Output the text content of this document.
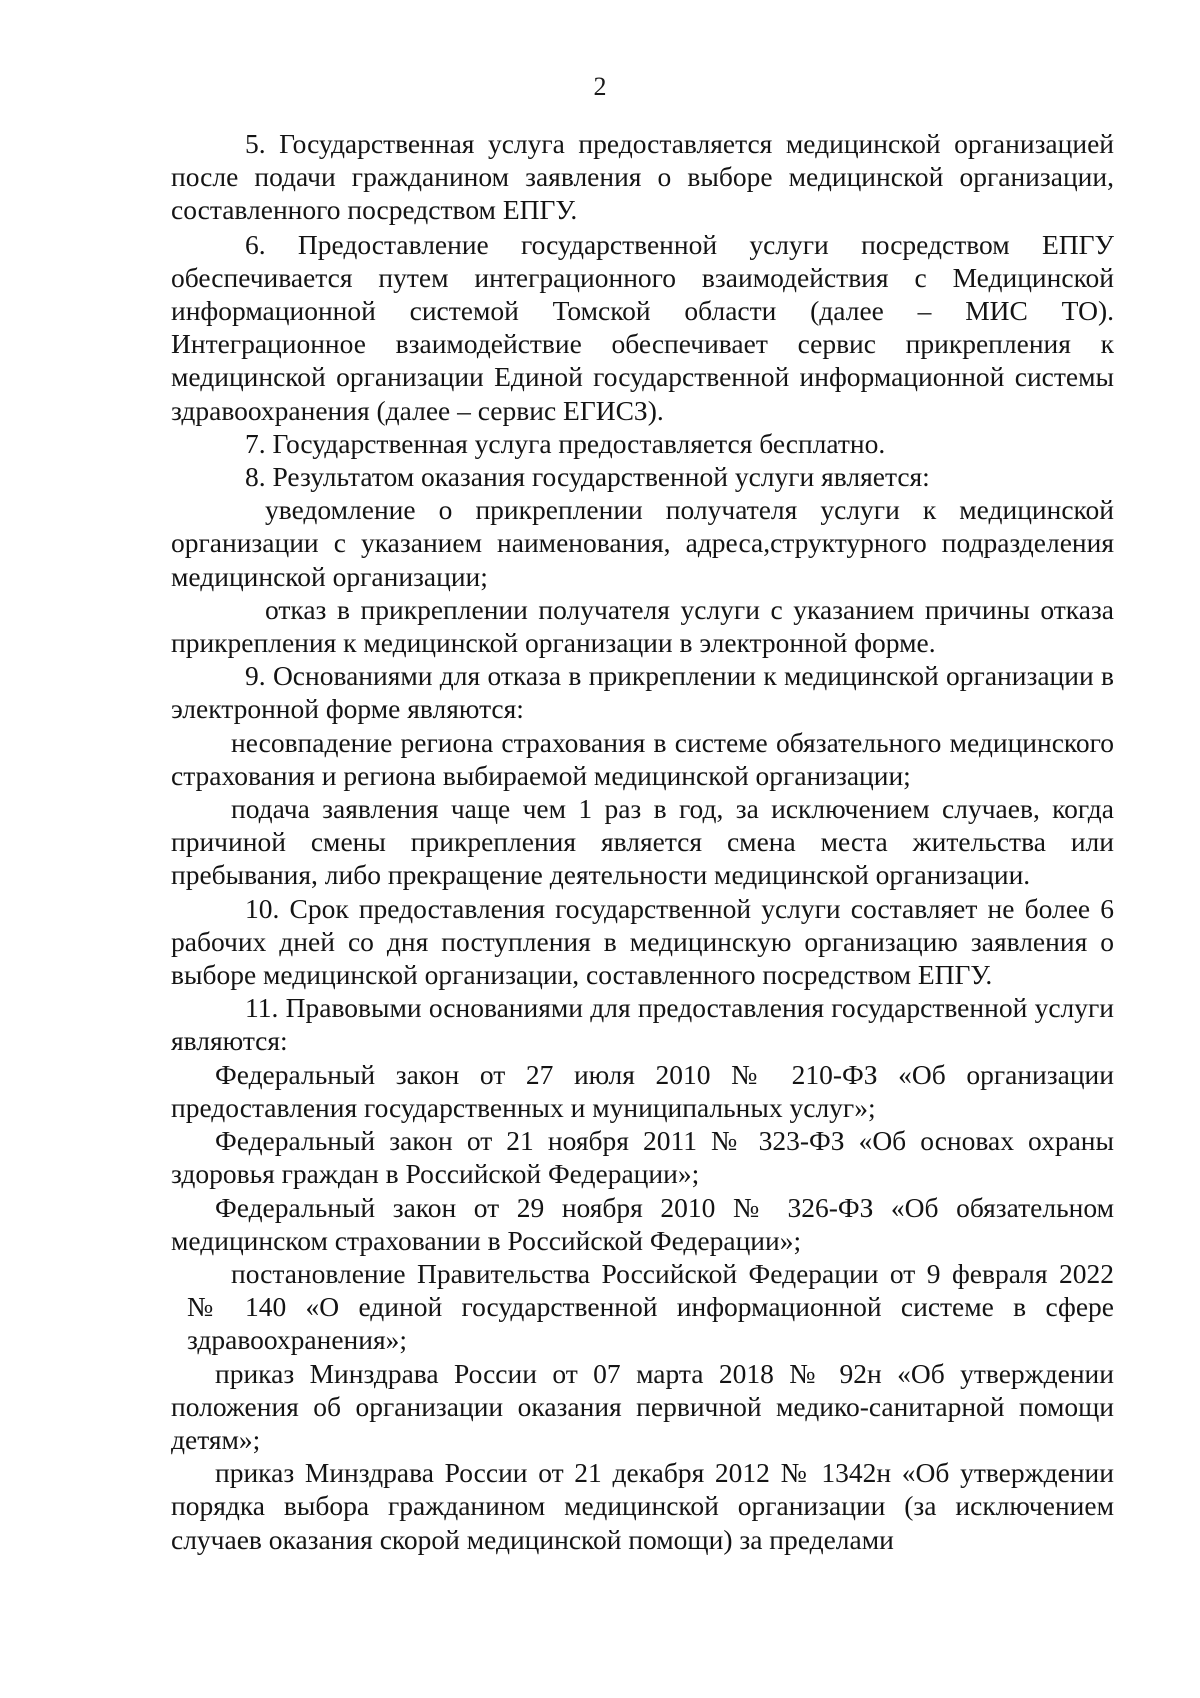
2

5. Государственная услуга предоставляется медицинской организацией после подачи гражданином заявления о выборе медицинской организации, составленного посредством ЕПГУ.

6. Предоставление государственной услуги посредством ЕПГУ обеспечивается путем интеграционного взаимодействия с Медицинской информационной системой Томской области (далее – МИС ТО). Интеграционное взаимодействие обеспечивает сервис прикрепления к медицинской организации Единой государственной информационной системы здравоохранения (далее – сервис ЕГИСЗ).

7. Государственная услуга предоставляется бесплатно.

8. Результатом оказания государственной услуги является:

уведомление о прикреплении получателя услуги к медицинской организации с указанием наименования, адреса,структурного подразделения медицинской организации;

отказ в прикреплении получателя услуги с указанием причины отказа прикрепления к медицинской организации в электронной форме.

9. Основаниями для отказа в прикреплении к медицинской организации в электронной форме являются:

несовпадение региона страхования в системе обязательного медицинского страхования и региона выбираемой медицинской организации;

подача заявления чаще чем 1 раз в год, за исключением случаев, когда причиной смены прикрепления является смена места жительства или пребывания, либо прекращение деятельности медицинской организации.

10. Срок предоставления государственной услуги составляет не более 6 рабочих дней со дня поступления в медицинскую организацию заявления о выборе медицинской организации, составленного посредством ЕПГУ.

11. Правовыми основаниями для предоставления государственной услуги являются:

Федеральный закон от 27 июля 2010 № 210-ФЗ «Об организации предоставления государственных и муниципальных услуг»;

Федеральный закон от 21 ноября 2011 № 323-ФЗ «Об основах охраны здоровья граждан в Российской Федерации»;

Федеральный закон от 29 ноября 2010 № 326-ФЗ «Об обязательном медицинском страховании в Российской Федерации»;

постановление Правительства Российской Федерации от 9 февраля 2022 № 140 «О единой государственной информационной системе в сфере здравоохранения»;

приказ Минздрава России от 07 марта 2018 № 92н «Об утверждении положения об организации оказания первичной медико-санитарной помощи детям»;

приказ Минздрава России от 21 декабря 2012 № 1342н «Об утверждении порядка выбора гражданином медицинской организации (за исключением случаев оказания скорой медицинской помощи) за пределами
